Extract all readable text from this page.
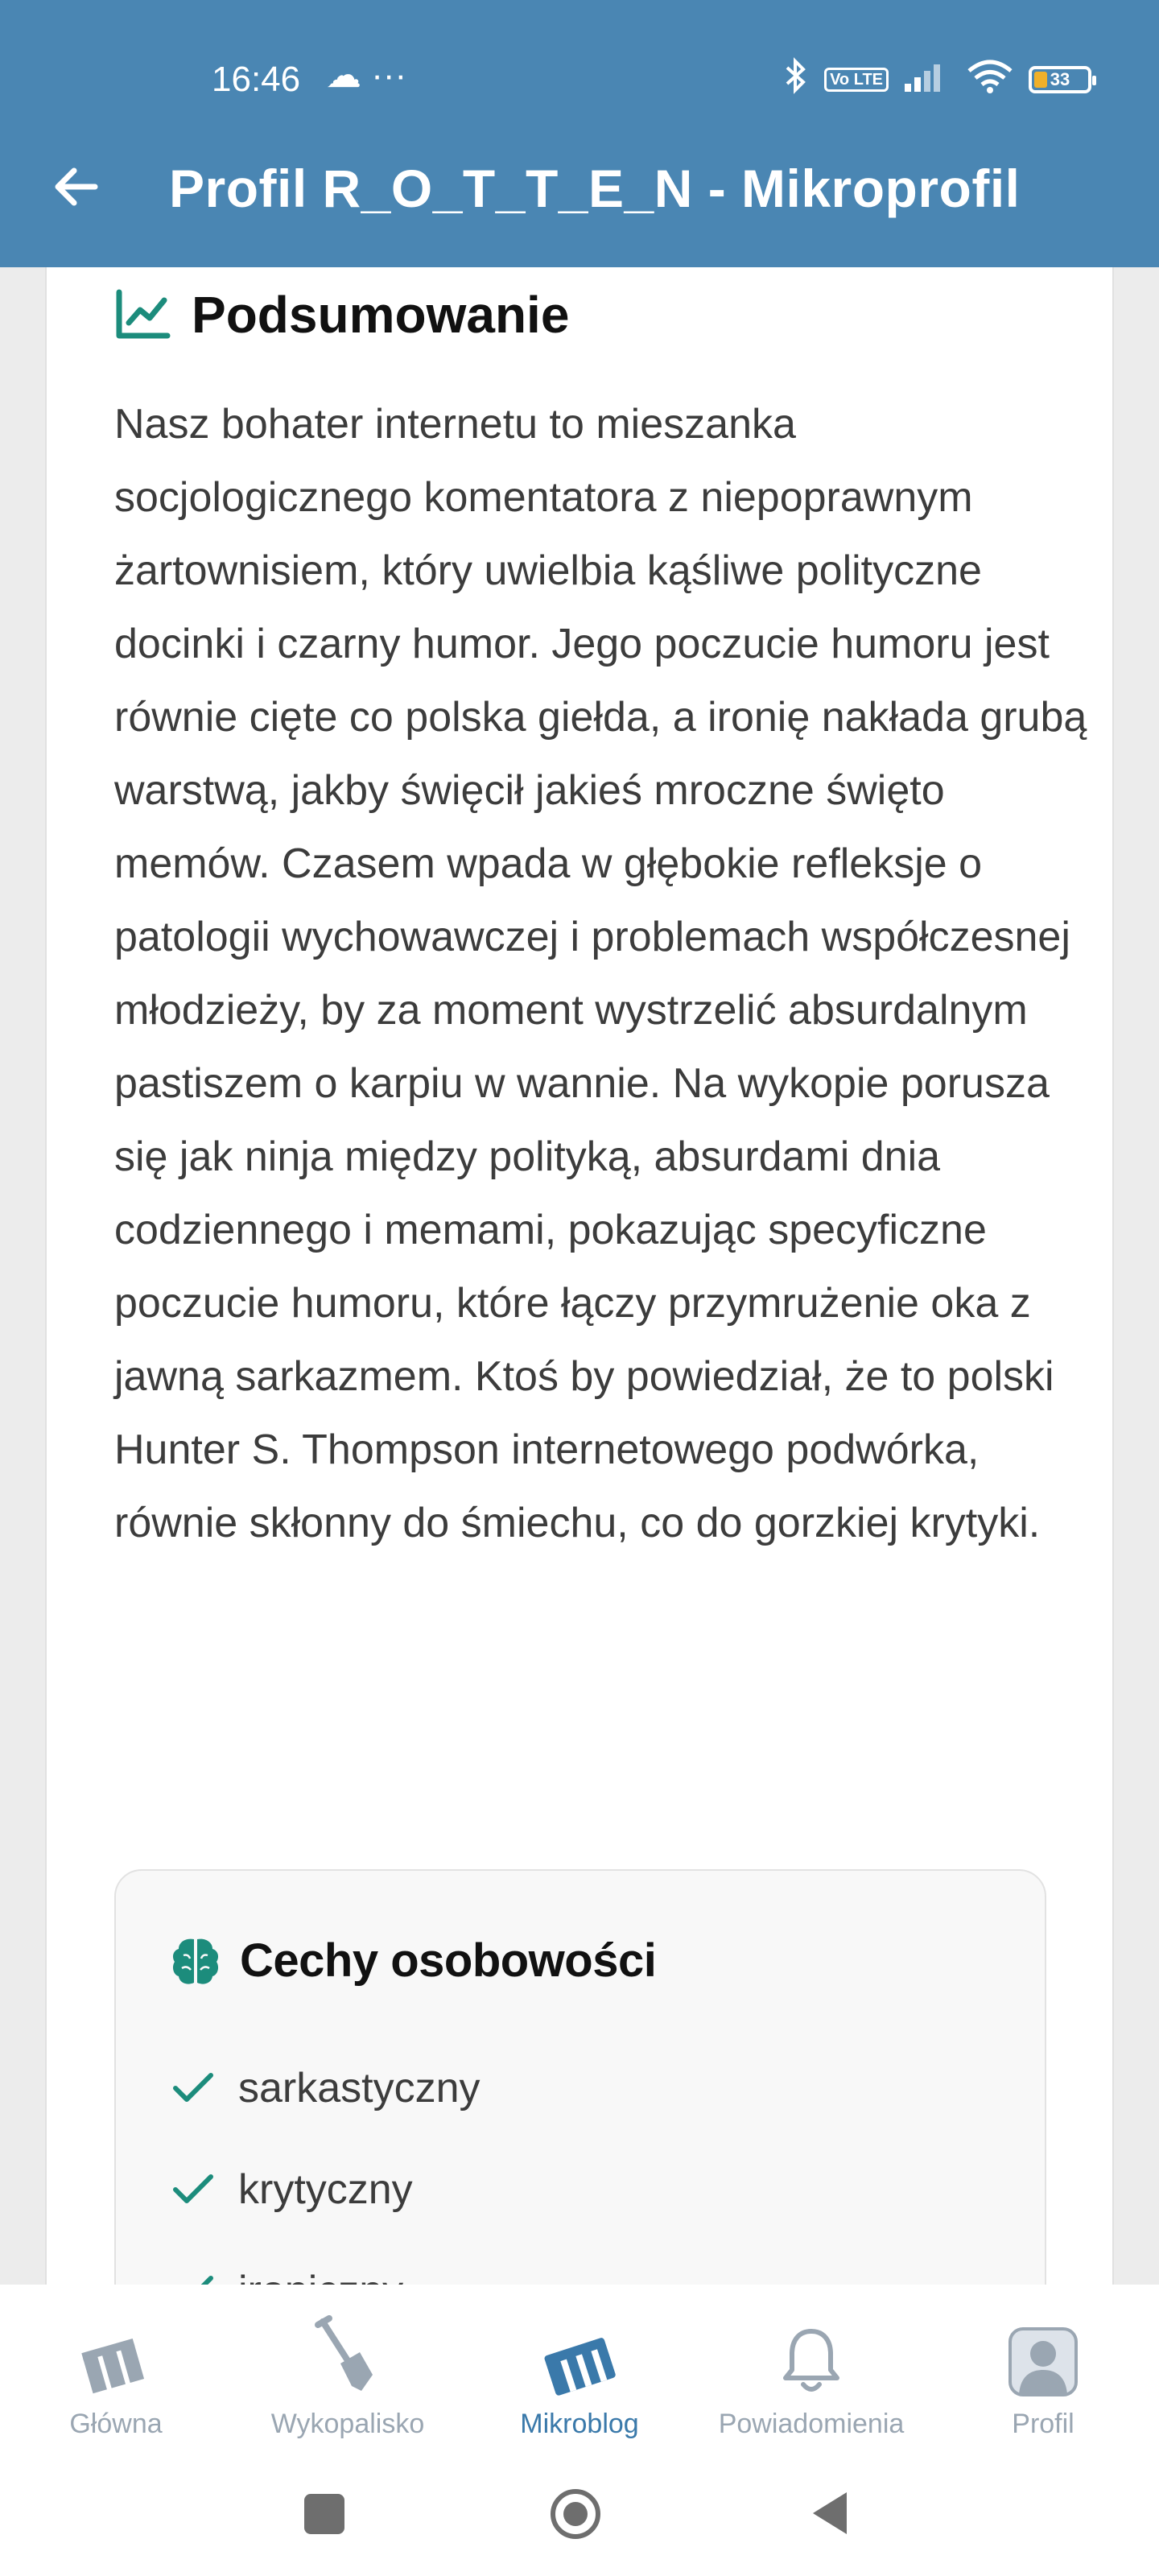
16:46 ☁ ···	Vo LTE	33
Profil R_O_T_T_E_N - Mikroprofil
Podsumowanie

Nasz bohater internetu to mieszanka socjologicznego komentatora z niepoprawnym żartownisiem, który uwielbia kąśliwe polityczne docinki i czarny humor. Jego poczucie humoru jest równie cięte co polska giełda, a ironię nakłada grubą warstwą, jakby święcił jakieś mroczne święto memów. Czasem wpada w głębokie refleksje o patologii wychowawczej i problemach współczesnej młodzieży, by za moment wystrzelić absurdalnym pastiszem o karpiu w wannie. Na wykopie porusza się jak ninja między polityką, absurdami dnia codziennego i memami, pokazując specyficzne poczucie humoru, które łączy przymrużenie oka z jawną sarkazmem. Ktoś by powiedział, że to polski Hunter S. Thompson internetowego podwórka, równie skłonny do śmiechu, co do gorzkiej krytyki.

Cechy osobowości
sarkastyczny
krytyczny
Główna	Wykopalisko	Mikroblog	Powiadomienia	Profil
